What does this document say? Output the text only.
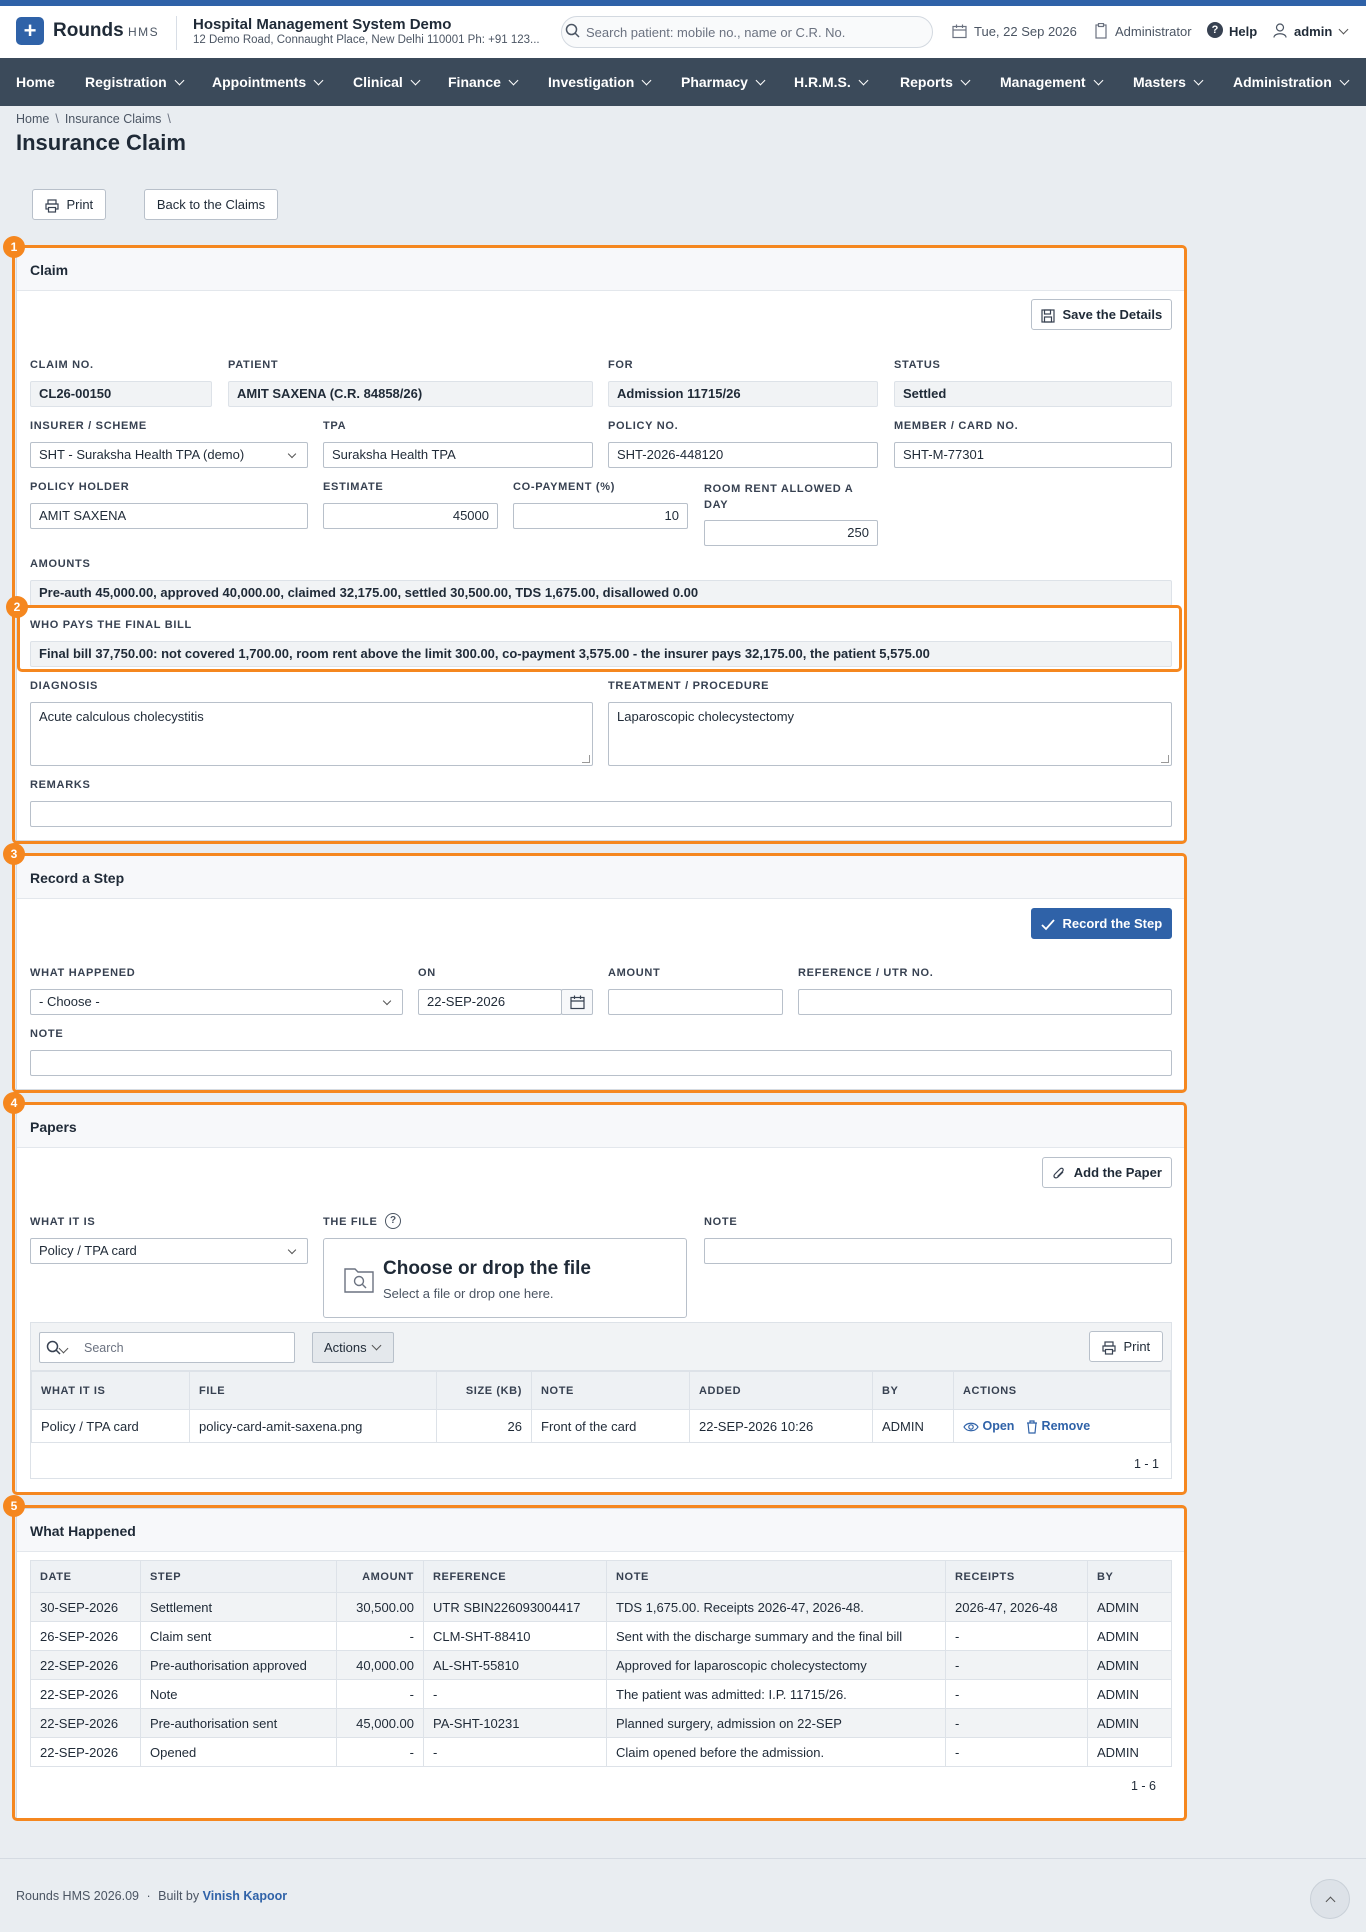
+ Rounds HMS Hospital Management System Demo
12 Demo Road, Connaught Place, New Delhi 110001 Ph: +91 123...	Search patient: mobile no., name or C.R. No.	Tue, 22 Sep 2026	Administrator	? Help	admin
Home Registration	Appointments	Clinical	Finance	Investigation	Pharmacy	H.R.M.S.	Reports	Management	Masters	Administration
Home \ Insurance Claims \
Insurance Claim
Print	Back to the Claims
Claim
Save the Details
CLAIM NO.
CL26-00150
PATIENT
AMIT SAXENA (C.R. 84858/26)
FOR
Admission 11715/26
STATUS
Settled
INSURER / SCHEME
SHT - Suraksha Health TPA (demo)
TPA
Suraksha Health TPA
POLICY NO.
SHT-2026-448120
MEMBER / CARD NO.
SHT-M-77301
POLICY HOLDER
AMIT SAXENA
ESTIMATE
45000
CO-PAYMENT (%)
10
ROOM RENT ALLOWED A DAY
250
AMOUNTS
Pre-auth 45,000.00, approved 40,000.00, claimed 32,175.00, settled 30,500.00, TDS 1,675.00, disallowed 0.00
WHO PAYS THE FINAL BILL
Final bill 37,750.00: not covered 1,700.00, room rent above the limit 300.00, co-payment 3,575.00 - the insurer pays 32,175.00, the patient 5,575.00
DIAGNOSIS
Acute calculous cholecystitis
TREATMENT / PROCEDURE
Laparoscopic cholecystectomy
REMARKS
Record a Step
Record the Step
WHAT HAPPENED
- Choose -
ON
22-SEP-2026
AMOUNT	REFERENCE / UTR NO.
NOTE
Papers
Add the Paper
WHAT IT IS
Policy / TPA card
THE FILE	?
Choose or drop the file
Select a file or drop one here.
NOTE
Search	Actions	Print
WHAT IT IS	FILE	SIZE (KB)	NOTE	ADDED	BY	ACTIONS
Policy / TPA card	policy-card-amit-saxena.png	26	Front of the card	22-SEP-2026 10:26	ADMIN	Open Remove
1 - 1
What Happened
DATE	STEP	AMOUNT	REFERENCE	NOTE	RECEIPTS	BY
30-SEP-2026	Settlement	30,500.00	UTR SBIN226093004417	TDS 1,675.00. Receipts 2026-47, 2026-48.	2026-47, 2026-48	ADMIN
26-SEP-2026	Claim sent	-	CLM-SHT-88410	Sent with the discharge summary and the final bill	-	ADMIN
22-SEP-2026	Pre-authorisation approved	40,000.00	AL-SHT-55810	Approved for laparoscopic cholecystectomy	-	ADMIN
22-SEP-2026	Note	-	-	The patient was admitted: I.P. 11715/26.	-	ADMIN
22-SEP-2026	Pre-authorisation sent	45,000.00	PA-SHT-10231	Planned surgery, admission on 22-SEP	-	ADMIN
22-SEP-2026	Opened	-	-	Claim opened before the admission.	-	ADMIN
1 - 6
1
2
3
4
5
Rounds HMS 2026.09 · Built by Vinish Kapoor
